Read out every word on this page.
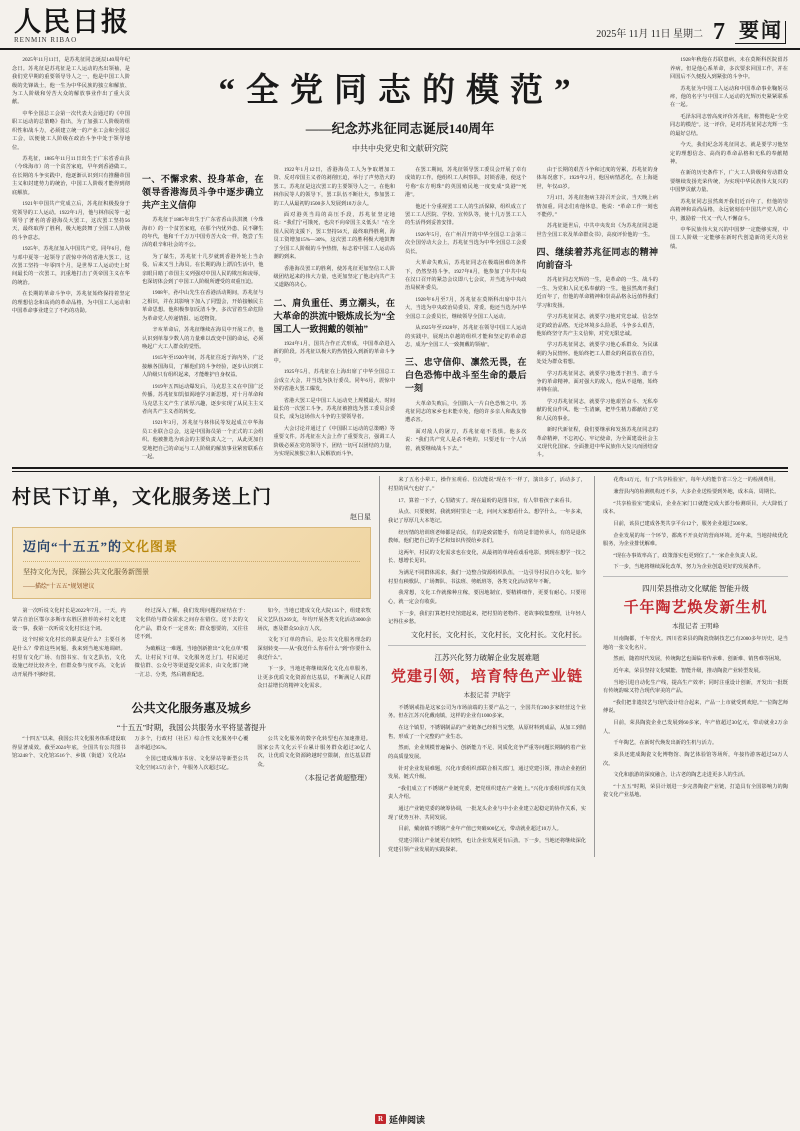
人民日报
RENMIN RIBAO	2025年 11月 11日 星期二 7 要闻

2025年11月11日，是苏兆征同志诞辰140周年纪念日。苏兆征是苏兆征是工人运动的杰出领袖，是我们党早期的重要领导导人之一，他是中国工人阶级的先锋战士，他一生为中华民族的独立和解放、为工人阶级和劳苦大众的解放事业作出了重大贡献。

中华全国总工会第一次代表大会通过的《中国职工运动的总策略》指出，为了加强工人阶级的组织性和战斗力，必须建立统一的产业工会和全国总工会，以便使工人阶级在政治斗争中处于领导地位。

苏兆征，1885年11月11日出生于广东省香山县（今珠海市）的一个贫苦家庭，早年到香港做工。在长期的斗争实践中，他逐渐认识到只有推翻帝国主义和封建势力的统治，中国工人阶级才能得到彻底解放。

1921年中国共产党成立后，苏兆征积极投身于党领导的工人运动。1922年1月，他与林伟民等一起领导了著名的香港海员大罢工，这次罢工坚持56天，最终取得了胜利，极大地鼓舞了全国工人阶级的斗争意志。

1925年，苏兆征加入中国共产党。同年6月，他与邓中夏等一起领导了震惊中外的省港大罢工，这次罢工坚持一年零四个月，是世界工人运动史上时间最长的一次罢工，沉重地打击了英帝国主义在华的统治。

在长期的革命斗争中，苏兆征始终保持着坚定的理想信念和高尚的革命品格，为中国工人运动和中国革命事业建立了不朽的功勋。

“全党同志的模范”
——纪念苏兆征同志诞辰140周年
中共中央党史和文献研究院
一、不懈求索、投身革命，在领导香港海员斗争中逐步确立共产主义信仰

苏兆征于1885年出生于广东省香山县淇澳（今珠海市）的一个贫苦家庭，在那个内忧外患、民不聊生的年代，他和千千万万中国劳苦大众一样，饱尝了生活的艰辛和社会的不公。

为了谋生，苏兆征十几岁就到香港外轮上当杂役，后来又当上海员。在长期的海上漂泊生活中，他亲眼目睹了帝国主义列强对中国人民的欺压和凌辱，也深切体会到了中国工人阶级所遭受的双重压迫。

1908年，孙中山先生在香港活动期间，苏兆征与之相识，并在其影响下加入了同盟会，开始接触民主革命思想。他积极参加反清斗争，多次冒着生命危险为革命党人传递情报、运送物资。

辛亥革命后，苏兆征继续在海员中开展工作，他认识到单靠少数人的力量难以改变中国的命运，必须唤起广大工人群众的觉悟。

1915年至1920年间，苏兆征往返于海内外，广泛接触各国海员，了解他们的斗争经验，逐步认识到工人阶级只有组织起来，才能维护自身权益。

1919年五四运动爆发后，马克思主义在中国广泛传播。苏兆征如饥似渴地学习新思想，对十月革命和马克思主义产生了浓厚兴趣，逐步实现了从民主主义者向共产主义者的转变。

1921年3月，苏兆征与林伟民等发起成立中华海员工业联合总会，这是中国海员第一个正式的工会组织。他被推选为该会的主要负责人之一，从此更加自觉地把自己的命运与工人阶级的解放事业紧密联系在一起。

1922年1月12日，香港海员工人为争取增加工资、反对帝国主义者的剥削压迫，举行了声势浩大的罢工。苏兆征是这次罢工的主要领导人之一。在他和林伟民等人的领导下，罢工队伍不断壮大，参加罢工的工人从最初的1500多人发展到10万余人。

面对港英当局的高压手段，苏兆征坚定地说：“我们宁可饿死，也决不向帝国主义低头！”在全国人民的支援下，罢工坚持56天，最终取得胜利，海员工资增加15%—30%，这次罢工的胜利极大地鼓舞了全国工人阶级的斗争热情，标志着中国工人运动高潮的到来。

香港海员罢工的胜利，使苏兆征更加坚信工人阶级团结起来的伟大力量，也更加坚定了他走向共产主义道路的决心。

二、肩负重任、勇立潮头，在大革命的洪流中锻炼成长为“全国工人一致拥戴的领袖”

1924年1月，国共合作正式形成，中国革命进入新的阶段。苏兆征以极大的热情投入到新的革命斗争中。

1925年5月，苏兆征在上海出席了中华全国总工会成立大会，并当选为执行委员。同年6月，震惊中外的省港大罢工爆发。

省港大罢工是中国工人运动史上规模最大、时间最长的一次罢工斗争。苏兆征被推选为罢工委员会委员长，成为这场伟大斗争的主要领导者。

大会讨论并通过了《中国职工运动的总策略》等重要文件。苏兆征在大会上作了重要发言，强调工人阶级必须在党的领导下，团结一切可以团结的力量，为实现民族独立和人民解放而斗争。

在罢工期间，苏兆征领导罢工委员会开展了卓有成效的工作。他组织工人纠察队，封锁香港，使这个号称“东方明珠”的英国殖民地一度变成“臭港”“死港”。

他还十分重视罢工工人的生活保障，组织成立了罢工工人医院、学校、宣传队等，使十几万罢工工人的生活得到妥善安排。

1926年5月，在广州召开的中华全国总工会第三次全国劳动大会上，苏兆征当选为中华全国总工会委员长。

大革命失败后，苏兆征同志在极端困难的条件下，仍然坚持斗争。1927年8月，他参加了中共中央在汉口召开的紧急会议即八七会议，并当选为中央政治局候补委员。

1928年6月至7月，苏兆征在莫斯科出席中共六大，当选为中央政治局委员、常委。他还当选为中华全国总工会委员长，继续领导全国工人运动。

从1925年至1928年，苏兆征在领导中国工人运动的实践中，展现出卓越的组织才能和坚定的革命意志，成为“全国工人一致拥戴的领袖”。

三、忠守信仰、凛然无畏，在白色恐怖中战斗至生命的最后一刻

大革命失败后，全国陷入一片白色恐怖之中。苏兆征同志的家乡也未能幸免，他的许多亲人和战友惨遭杀害。

面对敌人的屠刀，苏兆征毫不畏惧。他多次说：“我们共产党人是杀不绝的，只要还有一个人活着，就要继续战斗下去。”

由于长期的艰苦斗争和过度的劳累，苏兆征的身体每况愈下。1929年2月，他因病情恶化，在上海逝世，年仅43岁。

7月1日，苏兆征抱病主持召开会议，当天晚上病情加重。同志们劝他休息，他说：“革命工作一刻也不能停。”

苏兆征逝世后，中共中央发出《为苏兆征同志逝世告全国工农及革命群众书》，高度评价他的一生。

四、继续着苏兆征同志的精神向前奋斗

苏兆征同志光辉的一生，是革命的一生、战斗的一生、为党和人民无私奉献的一生。他虽然离开我们近百年了，但他的革命精神和崇高品格永远值得我们学习和发扬。

学习苏兆征同志，就要学习他对党忠诚、信念坚定的政治品格。无论环境多么险恶，斗争多么艰苦，他始终坚守共产主义信仰，对党无限忠诚。

学习苏兆征同志，就要学习他心系群众、为民谋利的为民情怀。他始终把工人群众的利益放在首位，处处为群众着想。

学习苏兆征同志，就要学习他勇于担当、敢于斗争的革命精神。面对强大的敌人，他从不退缩，始终冲锋在前。

学习苏兆征同志，就要学习他艰苦奋斗、无私奉献的优良作风。他一生清廉，把毕生精力都献给了党和人民的事业。

新时代新征程，我们要继承和发扬苏兆征同志的革命精神，不忘初心、牢记使命，为全面建设社会主义现代化国家、全面推进中华民族伟大复兴而团结奋斗。

1928年秋他在苏联患病，未在莫斯科医院留苏养病。但是他心系革命，多次要求回国工作，并在回国后不久便投入到紧张的斗争中。

苏兆征为中国工人运动和中国革命事业鞠躬尽瘁，他的名字与中国工人运动的光辉历史紧紧联系在一起。

毛泽东同志曾高度评价苏兆征，称赞他是“全党同志的模范”。这一评价，是对苏兆征同志光辉一生的最好总结。

今天，我们纪念苏兆征同志，就是要学习他坚定的理想信念、高尚的革命品格和无私的奉献精神。

在新的历史条件下，广大工人阶级和劳动群众要继续发扬光荣传统，为实现中华民族伟大复兴的中国梦贡献力量。

苏兆征同志虽然离开我们近百年了，但他的崇高精神和高尚品格，永远铭刻在中国共产党人的心中，激励着一代又一代人不懈奋斗。

中华民族伟大复兴的中国梦一定能够实现，中国工人阶级一定能够在新时代创造新的更大的业绩。

村民下订单，文化服务送上门
赵日星
迈向“十五五”的文化图景
坚持文化为民，深描公共文化服务新图景
——描绘“十五五”规划建议

第一次听说文化村长是2022年7月。一天，内蒙古自治区鄂尔多斯市东胜区推荐的乡村文化建设一事，我第一次听说文化村长这个词。

这个时候文化村长的职责是什么？主要任务是什么？带着这些问题，我来到当地实地调研。村里有文化广场、有图书室、有文艺队伍，文化设施已经比较齐全，但群众参与度不高，文化活动开展得不够经常。

经过深入了解，我们发现问题的症结在于：文化供给与群众需求之间存在错位。送下去的文化产品，群众不一定喜欢；群众想要的，又往往送不到。

为破解这一难题，当地创新推出“文化点单”模式，让村民下订单，文化服务送上门。村民通过微信群、公众号等渠道提交需求，由文化部门统一汇总、分类，然后精准配送。

如今，当地已建成文化大院135个，组建农牧民文艺队伍269支，年均开展各类文化活动3000余场次，惠及群众50余万人次。

文化下订单的背后，是公共文化服务理念的深刻转变——从“我送什么你看什么”到“你要什么我送什么”。

下一步，当地还将继续深化文化点单服务，让更多优质文化资源直达基层，不断满足人民群众日益增长的精神文化需求。

公共文化服务惠及城乡
“十五五”时期，我国公共服务水平将显著提升

“十四五”以来，我国公共文化服务体系建设取得显著成效。截至2024年底，全国共有公共图书馆3248个、文化馆3516个、乡镇（街道）文化站4万多个，行政村（社区）综合性文化服务中心覆盖率超过95%。

全国已建成城市书房、文化驿站等新型公共文化空间3.5万余个，年服务人次超过5亿。

公共文化服务的数字化转型也在加速推进。国家公共文化云平台累计服务群众超过30亿人次，让优质文化资源跨越时空限制，直达基层群众。

（本报记者黄超整理）

来了五名小辈工，操作室观看、位次能说“现在不一样了，演出多了，活动多了，村里的风气也好了。”

17、算着一下子，心里踏实了。现在最盼的是图书室，有人带着孩子来看书。

从点、只要便时，我就到村里走一走，问问大家想看什么、想学什么。一年多来，我记了厚厚几大本笔记。

经历情的培训班老师都是农民，有的是致富能手，有的是非遗传承人，有的是退休教师。他们把自己的手艺和知识传授给乡亲们。

这两年，村民的文化需求也在变化，从最初的单纯看戏看电影，到现在想学一技之长、想增长见识。

为满足不同群体需求，我们一边整合资源组织队伍，一边引导村民自办文化。如今村里有秧歌队、广场舞队、书法班、剪纸班等，各类文化活动常年不断。

我常想，文化工作就像种庄稼，要因地制宜，要精耕细作，更要有耐心。只要用心，就一定会有收获。

下一步，我们打算把村史馆建起来，把村里的老物件、老故事收集整理，让年轻人记得住乡愁。

文化村长，文化村长，文化村长，文化村长。文化村长。
江苏兴化努力破解企业发展难题
党建引领，培育特色产业链
本报记者 尹晓宇

不锈钢戒指是这家公司为市场前端的主要产品之一，全国共有200多家经营这个业务。但在江苏兴化戴南镇，这样的企业有1000多家。

在这个镇里，不锈钢制品的产业链条已经相当完整，从原材料到成品，从加工到销售，形成了一个完整的产业生态。

然而，企业规模普遍偏小、创新能力不足、同质化竞争严重等问题长期制约着产业的高质量发展。

针对企业发展难题，兴化市委组织部联合相关部门，通过党建引领，推动企业抱团发展、链式升级。

“我们成立了不锈钢产业链党委，把党组织建在产业链上。”兴化市委组织部有关负责人介绍。

通过产业链党委的统筹协调，一批龙头企业与中小企业建立起稳定的协作关系，实现了优势互补、共同发展。

目前，戴南镇不锈钢产业年产值已突破600亿元，带动就业超过10万人。

党建引领让产业链更有韧性，也让企业发展更有后劲。下一步，当地还将继续深化党建引领产业发展的实践探索。

花费14万元，有了“共享检验室”，每年大约能节省三分之一的检测费用。

兼营县内的检测机构还不多，大多企业送检要到外地，成本高、周期长。

“共享检验室”建成后，企业在家门口就能完成大部分检测项目，大大降低了成本。

目前，该县已建成各类共享平台12个，服务企业超过500家。

企业发展的每一个环节，都离不开良好的营商环境。近年来，当地持续优化服务，为企业排忧解难。

“现在办事效率高了，政策落实也更到位了。”一家企业负责人说。

下一步，当地将继续深化改革，努力为企业创造更好的发展条件。

四川荣县推动文化赋能 智能升级
千年陶艺焕发新生机
本报记者 王明峰

川南陶都，千年窑火。四川省荣县的陶瓷烧制技艺已有2000多年历史，是当地的一张文化名片。

然而，随着时代发展，传统陶艺也面临着传承难、创新难、销售难等困境。

近年来，荣县坚持文化赋能、智能升级，推动陶瓷产业转型发展。

当地引进自动化生产线，提高生产效率；同时注重设计创新，开发出一批既有传统韵味又符合现代审美的产品。

“我们把非遗技艺与现代设计结合起来，产品一上市就受到欢迎。”一位陶艺师傅说。

目前，荣县陶瓷企业已发展到60多家，年产值超过30亿元，带动就业2万余人。

千年陶艺，在新时代焕发出新的生机与活力。

荣县还建成陶瓷文化博物馆、陶艺体验馆等场所，年接待游客超过50万人次。

文化和旅游的深度融合，让古老的陶艺走进更多人的生活。

“十五五”时期，荣县计划进一步完善陶瓷产业链，打造具有全国影响力的陶瓷文化产业基地。

R 延伸阅读
